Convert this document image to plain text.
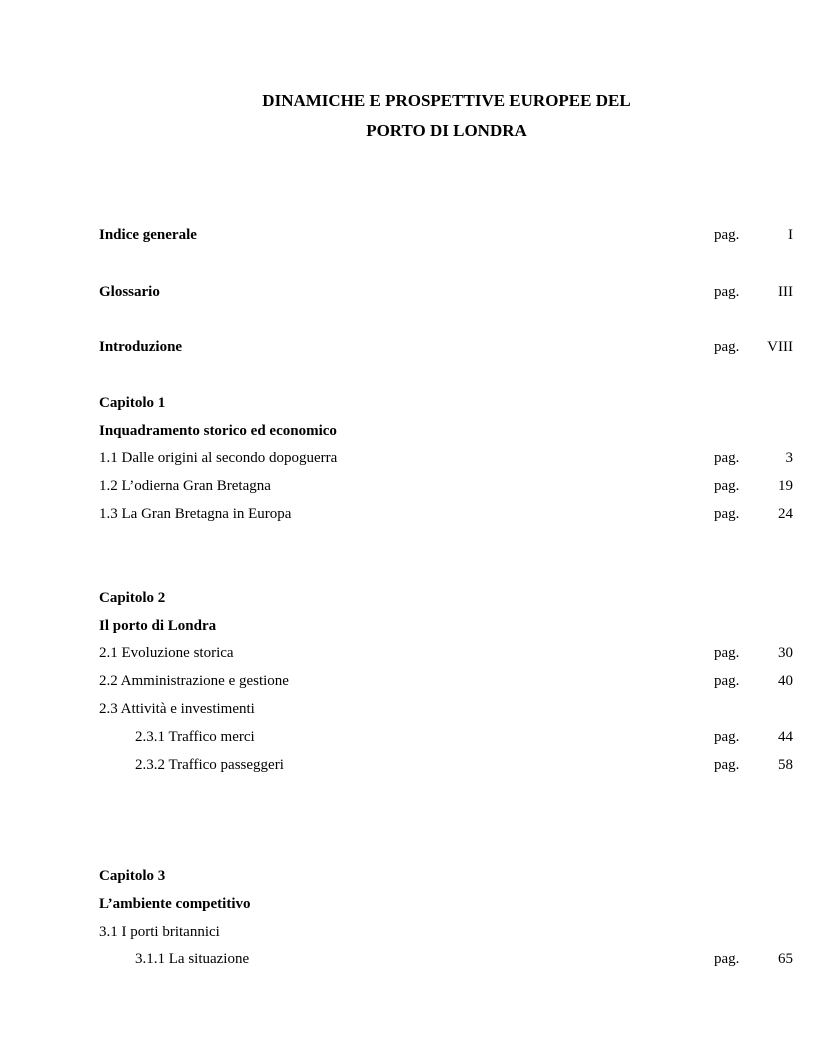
DINAMICHE E PROSPETTIVE EUROPEE DEL
PORTO DI LONDRA
Indice generale	pag.	I
Glossario	pag.	III
Introduzione	pag. VIII
Capitolo 1
Inquadramento storico ed economico
1.1 Dalle origini al secondo dopoguerra	pag.	3
1.2 L’odierna Gran Bretagna	pag.	19
1.3 La Gran Bretagna in Europa	pag.	24
Capitolo 2
Il porto di Londra
2.1 Evoluzione storica	pag.	30
2.2 Amministrazione e gestione	pag.	40
2.3 Attività e investimenti
2.3.1 Traffico merci	pag.	44
2.3.2 Traffico passeggeri	pag.	58
Capitolo 3
L’ambiente competitivo
3.1 I porti britannici
3.1.1 La situazione	pag.	65
